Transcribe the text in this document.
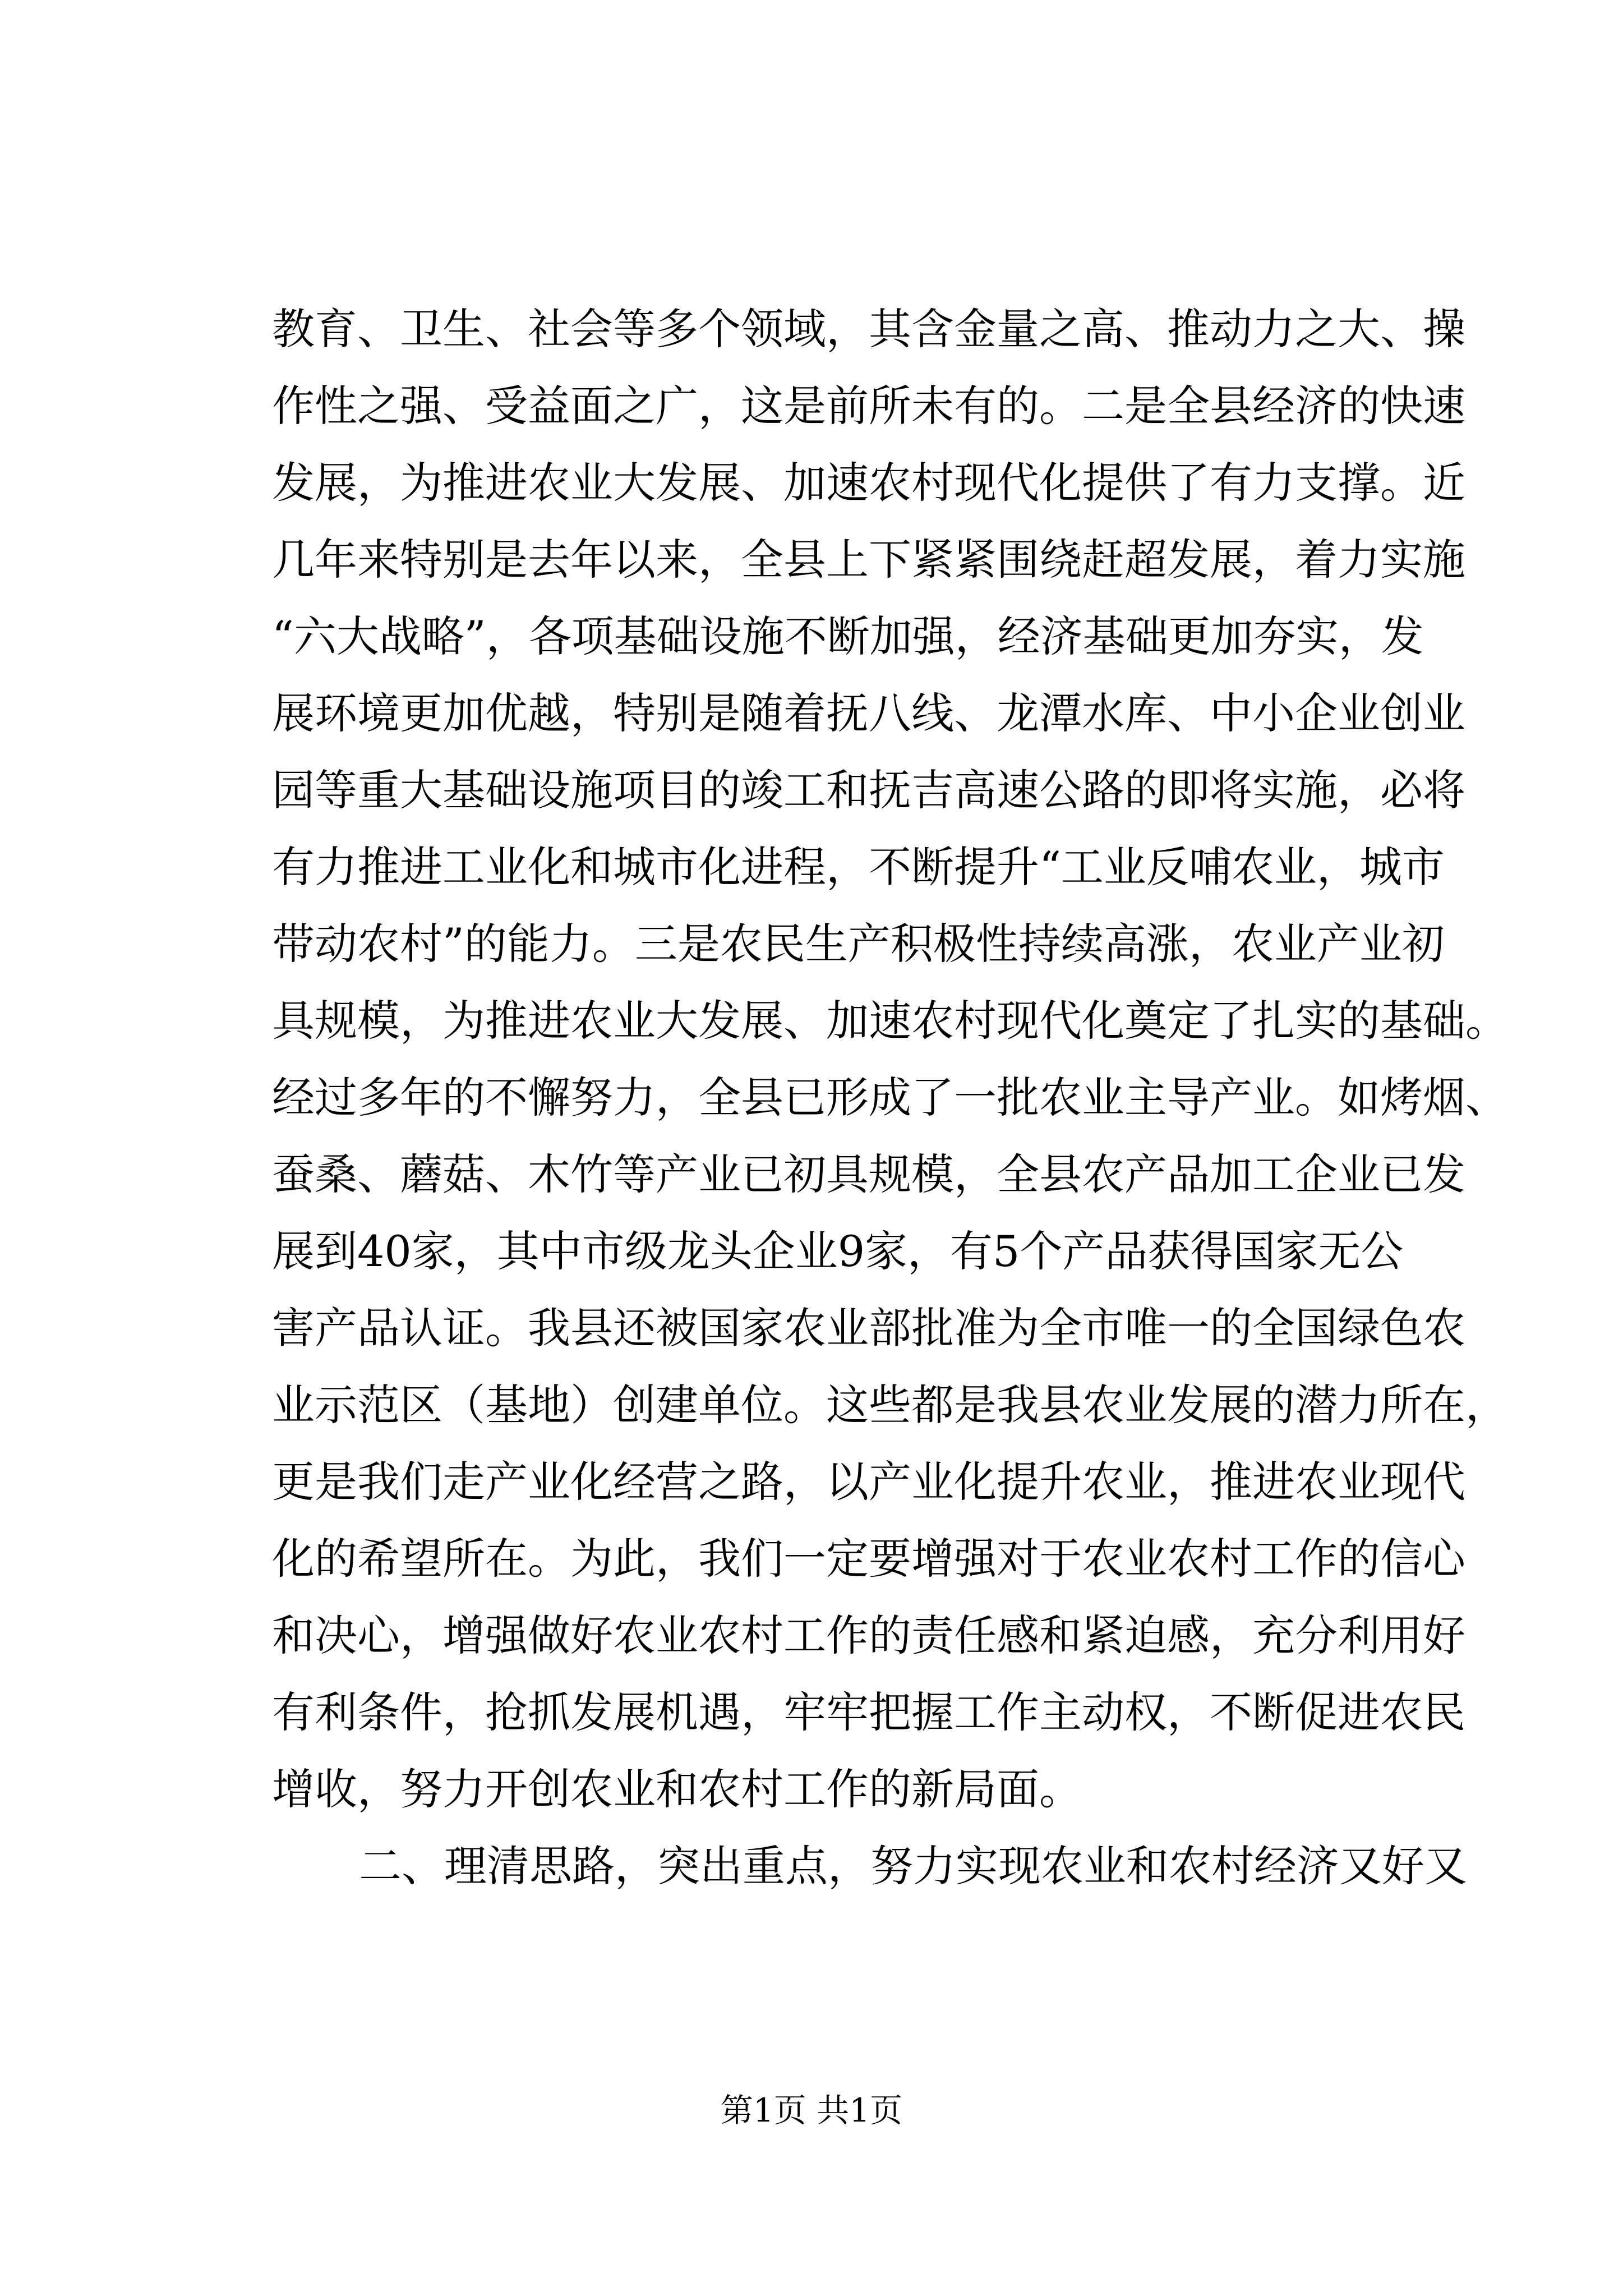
教育、卫生、社会等多个领域，其含金量之高、推动力之大、操
作性之强、受益面之广，这是前所未有的。二是全县经济的快速
发展，为推进农业大发展、加速农村现代化提供了有力支撑。近
几年来特别是去年以来，全县上下紧紧围绕赶超发展，着力实施
“六大战略”，各项基础设施不断加强，经济基础更加夯实，发
展环境更加优越，特别是随着抚八线、龙潭水库、中小企业创业
园等重大基础设施项目的竣工和抚吉高速公路的即将实施，必将
有力推进工业化和城市化进程，不断提升“工业反哺农业，城市
带动农村”的能力。三是农民生产积极性持续高涨，农业产业初
具规模，为推进农业大发展、加速农村现代化奠定了扎实的基础。
经过多年的不懈努力，全县已形成了一批农业主导产业。如烤烟、
蚕桑、蘑菇、木竹等产业已初具规模，全县农产品加工企业已发
展到40家，其中市级龙头企业9家，有5个产品获得国家无公
害产品认证。我县还被国家农业部批准为全市唯一的全国绿色农
业示范区（基地）创建单位。这些都是我县农业发展的潜力所在，
更是我们走产业化经营之路，以产业化提升农业，推进农业现代
化的希望所在。为此，我们一定要增强对于农业农村工作的信心
和决心，增强做好农业农村工作的责任感和紧迫感，充分利用好
有利条件，抢抓发展机遇，牢牢把握工作主动权，不断促进农民
增收，努力开创农业和农村工作的新局面。
二、理清思路，突出重点，努力实现农业和农村经济又好又
第1页 共1页
